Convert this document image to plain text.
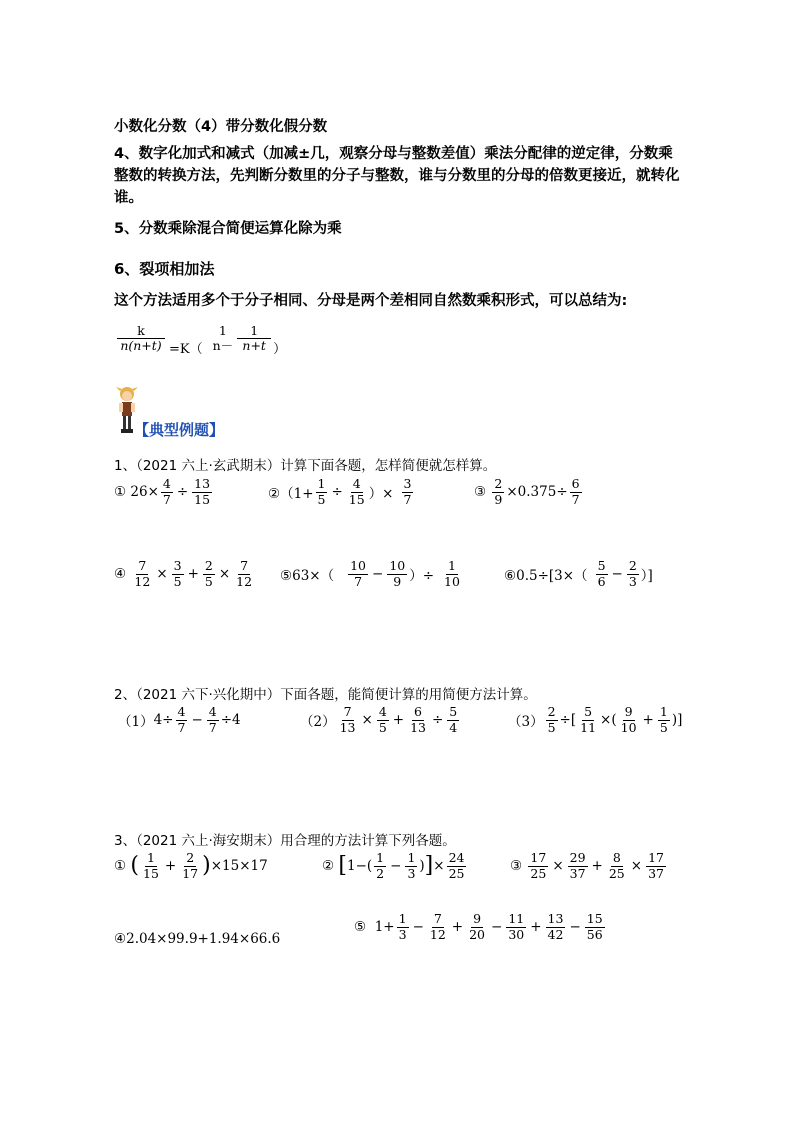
小数化分数（4）带分数化假分数
4、数字化加式和减式（加减±几，观察分母与整数差值）乘法分配律的逆定律，分数乘整数的转换方法，先判断分数里的分子与整数，谁与分数里的分母的倍数更接近，就转化谁。
5、分数乘除混合简便运算化除为乘
6、裂项相加法
这个方法适用多个于分子相同、分母是两个差相同自然数乘积形式，可以总结为:
$\frac{k}{n(n+t)} =K$（
1
$n- \frac{1}{n+t}$ ）
【典型例题】
1、（2021 六上·玄武期末）计算下面各题，怎样简便就怎样算。
①
$26\times \frac{4}{7} \div \frac{13}{15}$	②（1+ $\frac{1}{5} \div \frac{4}{15}$ ）× $\frac{3}{7}$	③
$\frac{2}{9} \times 0.375\div \frac{6}{7}$
④
$\frac{7}{12} \times \frac{3}{5} + \frac{2}{5} \times \frac{7}{12}$ ⑤63×（ $\frac{10}{7} - \frac{10}{9}$ ）÷ $\frac{1}{10}$	⑥0.5÷[3×（ $\frac{5}{6} - \frac{2}{3}$ ）]
2、（2021 六下·兴化期中）下面各题，能简便计算的用简便方法计算。
（1） $4\div \frac{4}{7} - \frac{4}{7} \div 4$	$(2) \frac{7}{13} \times \frac{4}{5} + \frac{6}{13} \div \frac{5}{4}$	$(3) \frac{2}{5}$ ÷[ $\frac{5}{11}$ ×( $\frac{9}{10} + \frac{1}{5}$ )]
3、（2021 六上·海安期末）用合理的方法计算下列各题。
①
( $\frac{1}{15} + \frac{2}{17}$ ) ×15×17	②
[ $1-( \frac{1}{2} - \frac{1}{3}$ ) ] × $\frac{24}{25}$	③
$\frac{17}{25} \times \frac{29}{37} + \frac{8}{25} \times \frac{17}{37}$
④2.04×99.9+1.94×66.6
⑤
$1+ \frac{1}{3} - \frac{7}{12} + \frac{9}{20} - \frac{11}{30} + \frac{13}{42} - \frac{15}{56}$
